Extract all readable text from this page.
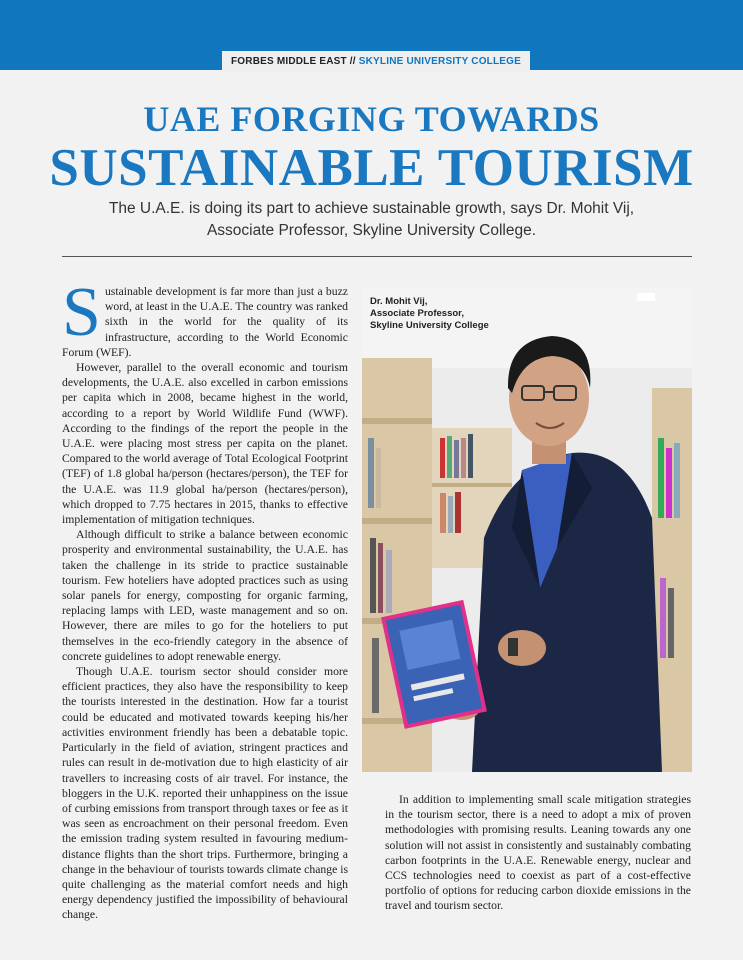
FORBES MIDDLE EAST // SKYLINE UNIVERSITY COLLEGE
UAE FORGING TOWARDS
SUSTAINABLE TOURISM
The U.A.E. is doing its part to achieve sustainable growth, says Dr. Mohit Vij,
Associate Professor, Skyline University College.

Sustainable development is far more than just a buzz word, at least in the U.A.E. The country was ranked sixth in the world for the quality of its infrastructure, according to the World Economic Forum (WEF).

However, parallel to the overall economic and tourism developments, the U.A.E. also excelled in carbon emissions per capita which in 2008, became highest in the world, according to a report by World Wildlife Fund (WWF). According to the findings of the report the people in the U.A.E. were placing most stress per capita on the planet. Compared to the world average of Total Ecological Footprint (TEF) of 1.8 global ha/person (hectares/person), the TEF for the U.A.E. was 11.9 global ha/person (hectares/person), which dropped to 7.75 hectares in 2015, thanks to effective implementation of mitigation techniques.

Although difficult to strike a balance between economic prosperity and environmental sustainability, the U.A.E. has taken the challenge in its stride to practice sustainable tourism. Few hoteliers have adopted practices such as using solar panels for energy, composting for organic farming, replacing lamps with LED, waste management and so on. However, there are miles to go for the hoteliers to put themselves in the eco-friendly category in the absence of concrete guidelines to adopt renewable energy.

Though U.A.E. tourism sector should consider more efficient practices, they also have the responsibility to keep the tourists interested in the destination. How far a tourist could be educated and motivated towards keeping his/her activities environment friendly has been a debatable topic. Particularly in the field of aviation, stringent practices and rules can result in de-motivation due to high elasticity of air travellers to increasing costs of air travel. For instance, the bloggers in the U.K. reported their unhappiness on the issue of curbing emissions from transport through taxes or fee as it was seen as encroachment on their personal freedom. Even the emission trading system resulted in favouring medium-distance flights than the short trips. Furthermore, bringing a change in the behaviour of tourists towards climate change is quite challenging as the material comfort needs and high energy dependency justified the impossibility of behavioural change.

Dr. Mohit Vij,
Associate Professor,
Skyline University College

In addition to implementing small scale mitigation strategies in the tourism sector, there is a need to adopt a mix of proven methodologies with promising results. Leaning towards any one solution will not assist in consistently and sustainably combating carbon footprints in the U.A.E. Renewable energy, nuclear and CCS technologies need to coexist as part of a cost-effective portfolio of options for reducing carbon dioxide emissions in the travel and tourism sector.
